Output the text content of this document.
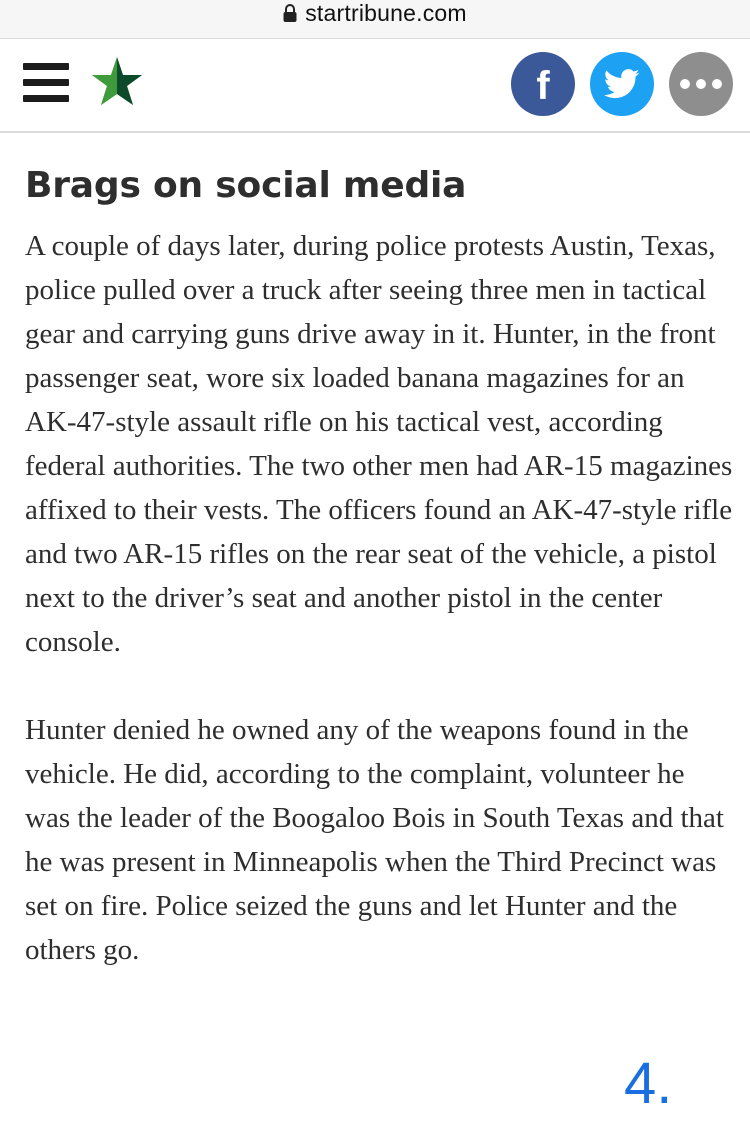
startribune.com
f
Brags on social media

A couple of days later, during police protests Austin, Texas, police pulled over a truck after seeing three men in tactical gear and carrying guns drive away in it. Hunter, in the front passenger seat, wore six loaded banana magazines for an AK-47-style assault rifle on his tactical vest, according federal authorities. The two other men had AR-15 magazines affixed to their vests. The officers found an AK-47-style rifle and two AR-15 rifles on the rear seat of the vehicle, a pistol next to the driver’s seat and another pistol in the center console.

Hunter denied he owned any of the weapons found in the vehicle. He did, according to the complaint, volunteer he was the leader of the Boogaloo Bois in South Texas and that he was present in Minneapolis when the Third Precinct was set on fire. Police seized the guns and let Hunter and the others go.

4.
